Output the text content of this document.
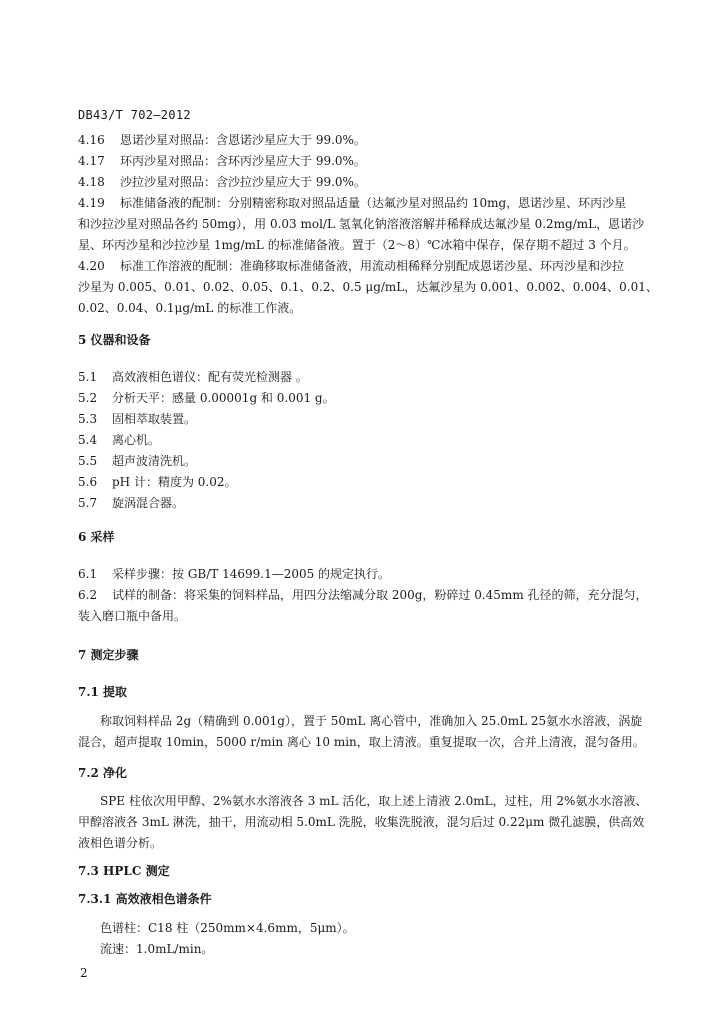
DB43/T 702—2012
4.16 恩诺沙星对照品：含恩诺沙星应大于 99.0%。
4.17 环丙沙星对照品：含环丙沙星应大于 99.0%。
4.18 沙拉沙星对照品：含沙拉沙星应大于 99.0%。
4.19 标准储备液的配制：分别精密称取对照品适量（达氟沙星对照品约 10mg，恩诺沙星、环丙沙星
和沙拉沙星对照品各约 50mg），用 0.03 mol/L 氢氧化钠溶液溶解并稀释成达氟沙星 0.2mg/mL，恩诺沙
星、环丙沙星和沙拉沙星 1mg/mL 的标准储备液。置于（2～8）℃冰箱中保存，保存期不超过 3 个月。
4.20 标准工作溶液的配制：准确移取标准储备液，用流动相稀释分别配成恩诺沙星、环丙沙星和沙拉
沙星为 0.005、0.01、0.02、0.05、0.1、0.2、0.5 μg/mL，达氟沙星为 0.001、0.002、0.004、0.01、
0.02、0.04、0.1μg/mL 的标准工作液。
5 仪器和设备
5.1 高效液相色谱仪：配有荧光检测器 。
5.2 分析天平：感量 0.00001g 和 0.001 g。
5.3 固相萃取装置。
5.4 离心机。
5.5 超声波清洗机。
5.6 pH 计：精度为 0.02。
5.7 旋涡混合器。
6 采样
6.1 采样步骤：按 GB/T 14699.1—2005 的规定执行。
6.2 试样的制备：将采集的饲料样品，用四分法缩减分取 200g，粉碎过 0.45mm 孔径的筛，充分混匀，
装入磨口瓶中备用。
7 测定步骤
7.1 提取
称取饲料样品 2g（精确到 0.001g），置于 50mL 离心管中，准确加入 25.0mL 25氨水水溶液，涡旋
混合，超声提取 10min，5000 r/min 离心 10 min，取上清液。重复提取一次，合并上清液，混匀备用。
7.2 净化
SPE 柱依次用甲醇、2%氨水水溶液各 3 mL 活化，取上述上清液 2.0mL，过柱，用 2%氨水水溶液、
甲醇溶液各 3mL 淋洗，抽干，用流动相 5.0mL 洗脱，收集洗脱液，混匀后过 0.22μm 微孔滤膜，供高效
液相色谱分析。
7.3 HPLC 测定
7.3.1 高效液相色谱条件
色谱柱：C18 柱（250mm×4.6mm，5μm）。
流速：1.0mL/min。
2
